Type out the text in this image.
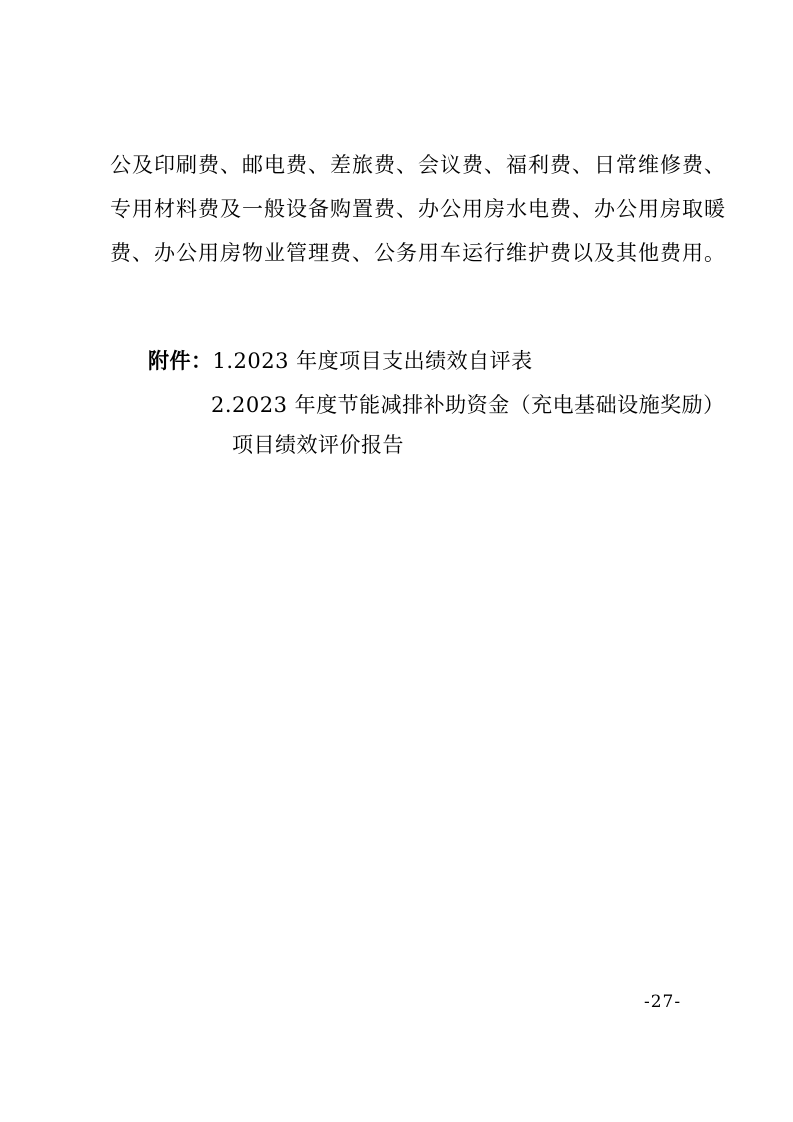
公及印刷费、邮电费、差旅费、会议费、福利费、日常维修费、
专用材料费及一般设备购置费、办公用房水电费、办公用房取暖
费、办公用房物业管理费、公务用车运行维护费以及其他费用。
附件：1.2023 年度项目支出绩效自评表
2.2023 年度节能减排补助资金（充电基础设施奖励）
项目绩效评价报告
-27-
